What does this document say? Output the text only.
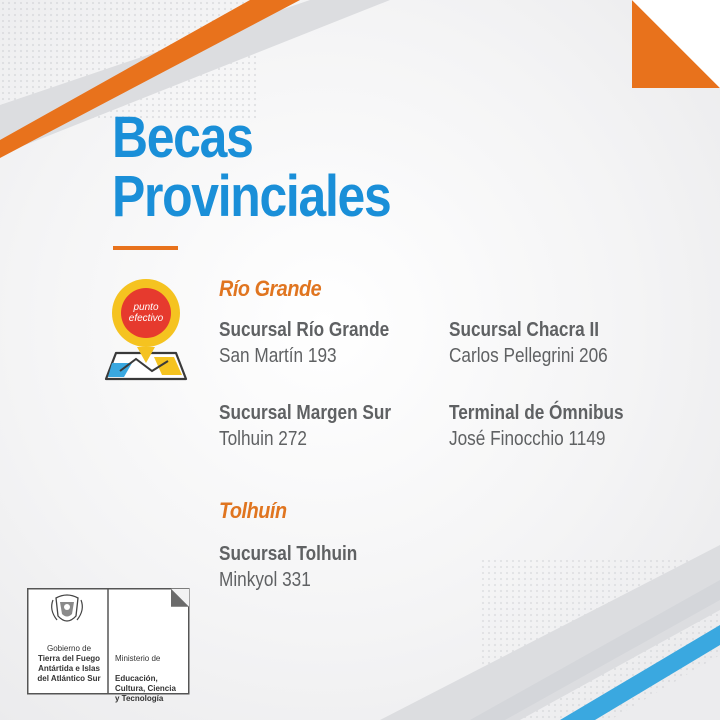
Becas
Provinciales
punto
efectivo
Río Grande
Sucursal Río Grande
San Martín 193
Sucursal Chacra II
Carlos Pellegrini 206
Sucursal Margen Sur
Tolhuin 272
Terminal de Ómnibus
José Finocchio 1149
Tolhuín
Sucursal Tolhuin
Minkyol 331
Gobierno de
Tierra del Fuego
Antártida e Islas
del Atlántico Sur

Ministerio de

Educación,
Cultura, Ciencia
y Tecnología
